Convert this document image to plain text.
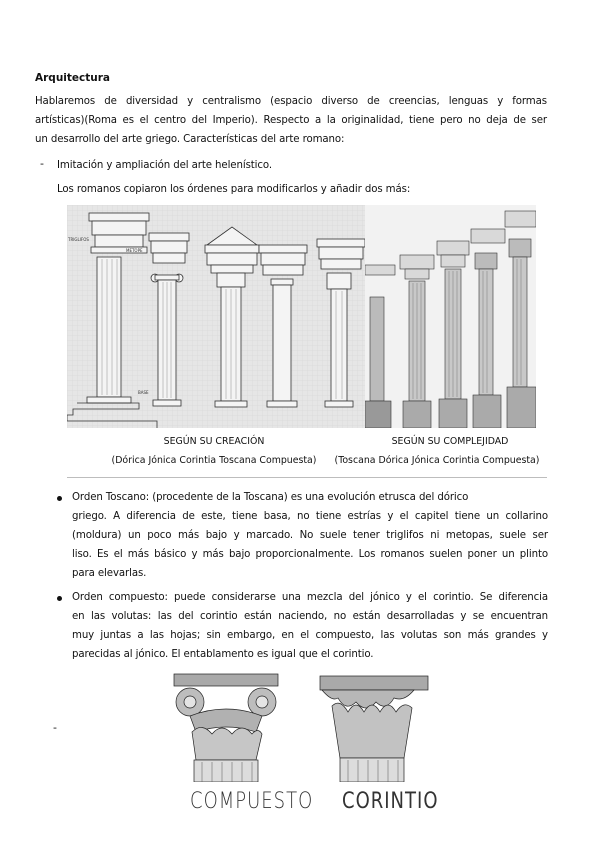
Arquitectura
Hablaremos de diversidad y centralismo (espacio diverso de creencias, lenguas y formas
artísticas)(Roma es el centro del Imperio). Respecto a la originalidad, tiene pero no deja de ser
un desarrollo del arte griego. Características del arte romano:
- Imitación y ampliación del arte helenístico.
Los romanos copiaron los órdenes para modificarlos y añadir dos más:
TRIGLIFOS
METOPE
BASE
SEGÚN SU CREACIÓN
(Dórica Jónica Corintia Toscana Compuesta)
SEGÚN SU COMPLEJIDAD
(Toscana Dórica Jónica Corintia Compuesta)
Orden Toscano: (procedente de la Toscana) es una evolución etrusca del dórico
griego. A diferencia de este, tiene basa, no tiene estrías y el capitel tiene un collarino
(moldura) un poco más bajo y marcado. No suele tener triglifos ni metopas, suele ser
liso. Es el más básico y más bajo proporcionalmente. Los romanos suelen poner un plinto
para elevarlas.
Orden compuesto: puede considerarse una mezcla del jónico y el corintio. Se diferencia
en las volutas: las del corintio están naciendo, no están desarrolladas y se encuentran
muy juntas a las hojas; sin embargo, en el compuesto, las volutas son más grandes y
parecidas al jónico. El entablamento es igual que el corintio.
-
COMPUESTO CORINTIO
